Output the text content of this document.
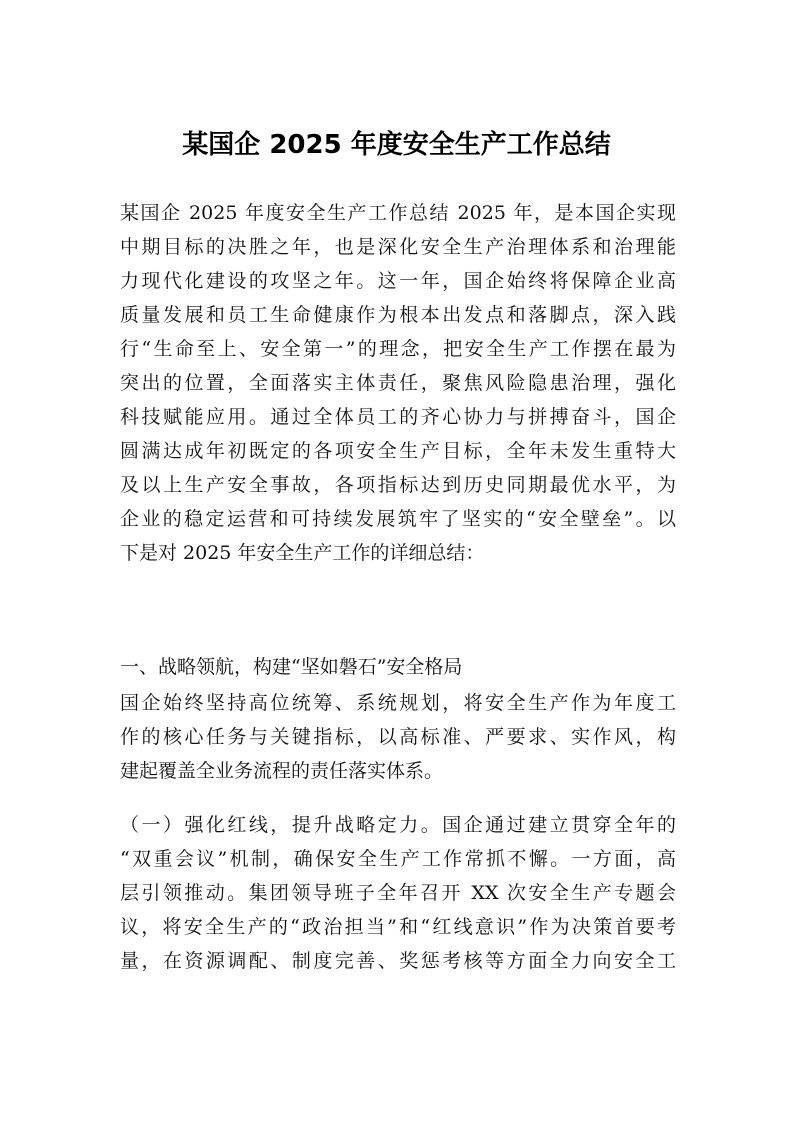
某国企 2025 年度安全生产工作总结
某国企 2025 年度安全生产工作总结 2025 年，是本国企实现
中期目标的决胜之年，也是深化安全生产治理体系和治理能
力现代化建设的攻坚之年。这一年，国企始终将保障企业高
质量发展和员工生命健康作为根本出发点和落脚点，深入践
行“生命至上、安全第一”的理念，把安全生产工作摆在最为
突出的位置，全面落实主体责任，聚焦风险隐患治理，强化
科技赋能应用。通过全体员工的齐心协力与拼搏奋斗，国企
圆满达成年初既定的各项安全生产目标，全年未发生重特大
及以上生产安全事故，各项指标达到历史同期最优水平，为
企业的稳定运营和可持续发展筑牢了坚实的“安全壁垒”。以
下是对 2025 年安全生产工作的详细总结：
一、战略领航，构建“坚如磐石”安全格局
国企始终坚持高位统筹、系统规划，将安全生产作为年度工
作的核心任务与关键指标，以高标准、严要求、实作风，构
建起覆盖全业务流程的责任落实体系。
（一）强化红线，提升战略定力。国企通过建立贯穿全年的
“双重会议”机制，确保安全生产工作常抓不懈。一方面，高
层引领推动。集团领导班子全年召开 XX 次安全生产专题会
议，将安全生产的“政治担当”和“红线意识”作为决策首要考
量，在资源调配、制度完善、奖惩考核等方面全力向安全工
